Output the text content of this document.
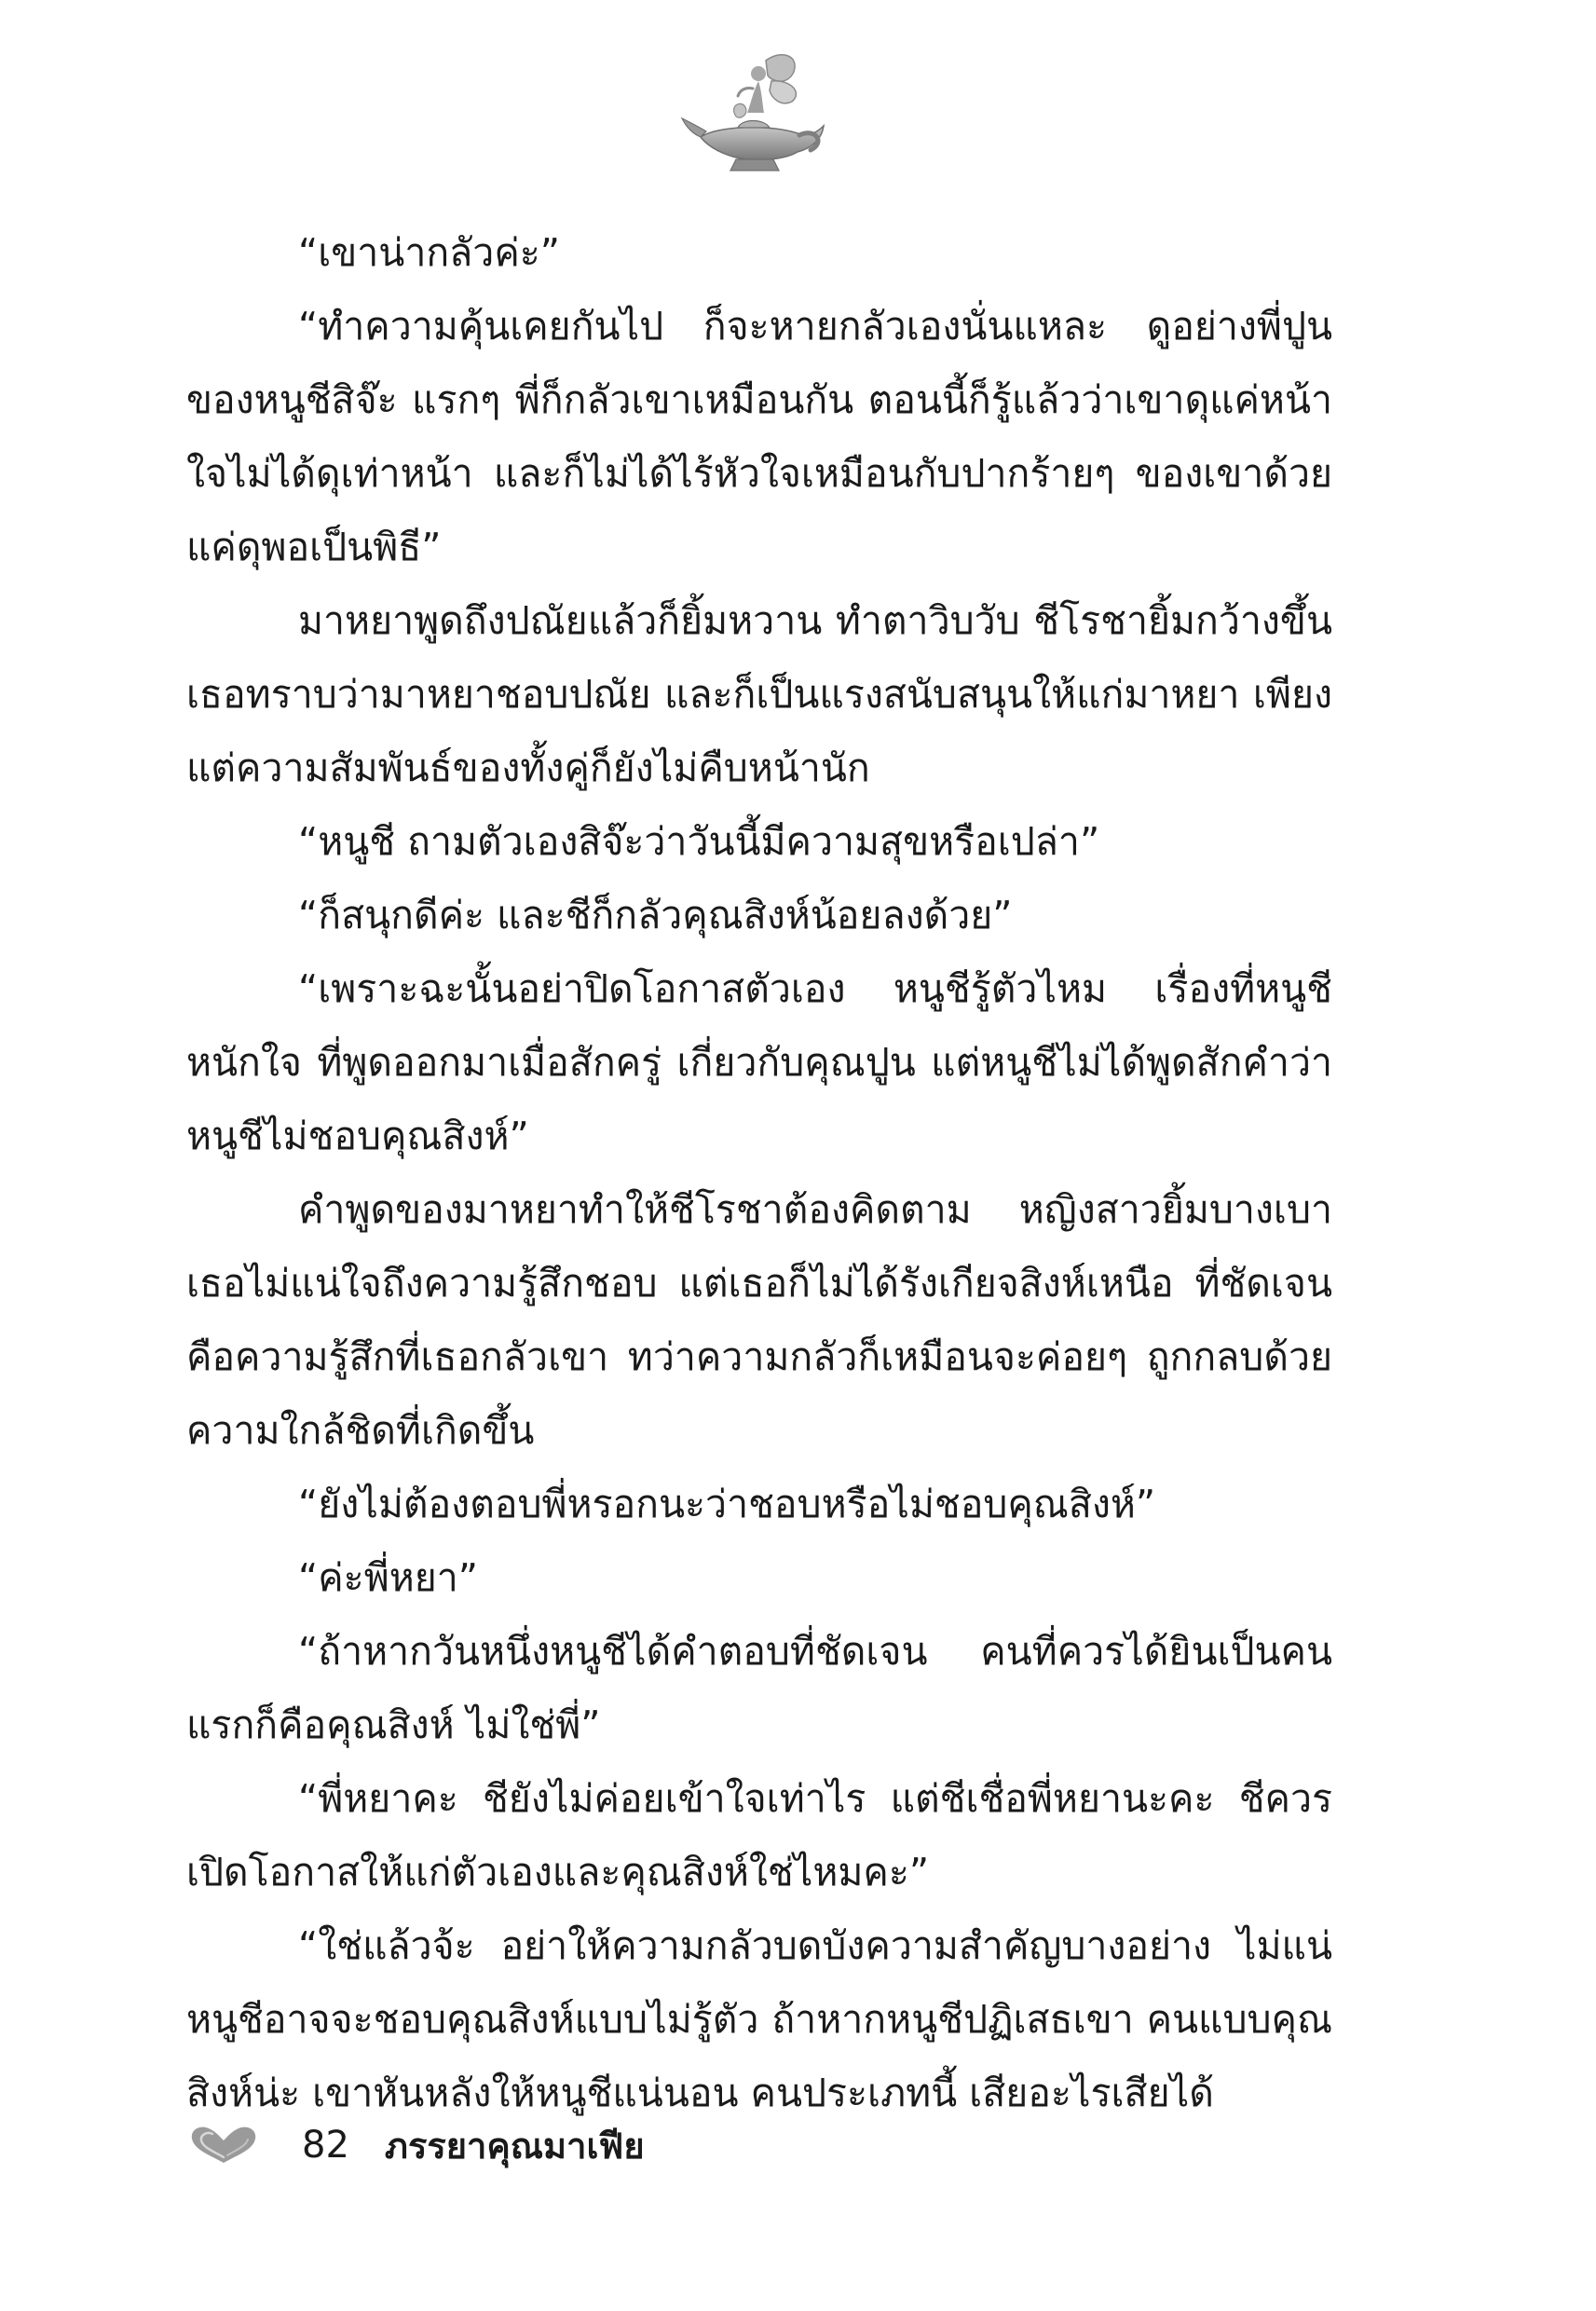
“เขาน่ากลัวค่ะ”

“ทำความคุ้นเคยกันไป ก็จะหายกลัวเองนั่นแหละ ดูอย่างพี่ปูนของหนูชีสิจ๊ะ แรกๆ พี่ก็กลัวเขาเหมือนกัน ตอนนี้ก็รู้แล้วว่าเขาดุแค่หน้าใจไม่ได้ดุเท่าหน้า และก็ไม่ได้ไร้หัวใจเหมือนกับปากร้ายๆ ของเขาด้วย แค่ดุพอเป็นพิธี”

มาหยาพูดถึงปณัยแล้วก็ยิ้มหวาน ทำตาวิบวับ ชีโรชายิ้มกว้างขึ้น เธอทราบว่ามาหยาชอบปณัย และก็เป็นแรงสนับสนุนให้แก่มาหยา เพียงแต่ความสัมพันธ์ของทั้งคู่ก็ยังไม่คืบหน้านัก

“หนูชี ถามตัวเองสิจ๊ะว่าวันนี้มีความสุขหรือเปล่า”

“ก็สนุกดีค่ะ และชีก็กลัวคุณสิงห์น้อยลงด้วย”

“เพราะฉะนั้นอย่าปิดโอกาสตัวเอง หนูชีรู้ตัวไหม เรื่องที่หนูชีหนักใจ ที่พูดออกมาเมื่อสักครู่ เกี่ยวกับคุณปูน แต่หนูชีไม่ได้พูดสักคำว่าหนูชีไม่ชอบคุณสิงห์”

คำพูดของมาหยาทำให้ชีโรชาต้องคิดตาม หญิงสาวยิ้มบางเบา เธอไม่แน่ใจถึงความรู้สึกชอบ แต่เธอก็ไม่ได้รังเกียจสิงห์เหนือ ที่ชัดเจนคือความรู้สึกที่เธอกลัวเขา ทว่าความกลัวก็เหมือนจะค่อยๆ ถูกกลบด้วยความใกล้ชิดที่เกิดขึ้น

“ยังไม่ต้องตอบพี่หรอกนะว่าชอบหรือไม่ชอบคุณสิงห์”

“ค่ะพี่หยา”

“ถ้าหากวันหนึ่งหนูชีได้คำตอบที่ชัดเจน คนที่ควรได้ยินเป็นคนแรกก็คือคุณสิงห์ ไม่ใช่พี่”

“พี่หยาคะ ชียังไม่ค่อยเข้าใจเท่าไร แต่ชีเชื่อพี่หยานะคะ ชีควรเปิดโอกาสให้แก่ตัวเองและคุณสิงห์ใช่ไหมคะ”

“ใช่แล้วจ้ะ อย่าให้ความกลัวบดบังความสำคัญบางอย่าง ไม่แน่หนูชีอาจจะชอบคุณสิงห์แบบไม่รู้ตัว ถ้าหากหนูชีปฏิเสธเขา คนแบบคุณสิงห์น่ะ เขาหันหลังให้หนูชีแน่นอน คนประเภทนี้ เสียอะไรเสียได้

82 ภรรยาคุณมาเฟีย
